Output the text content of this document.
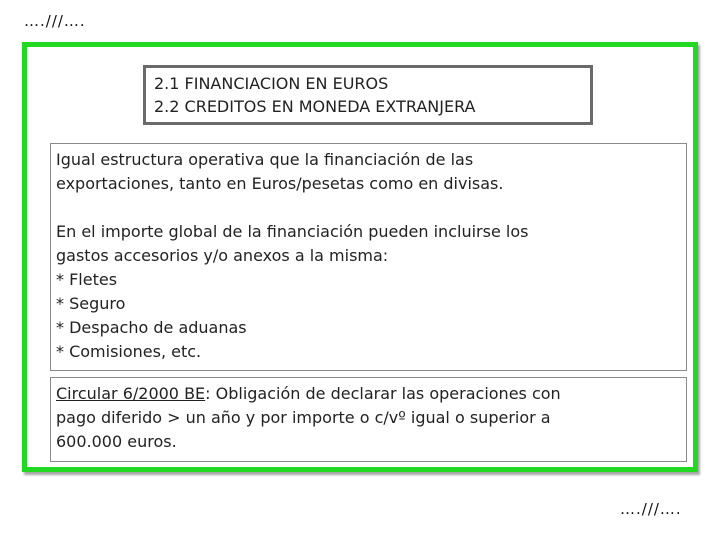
….///….
2.1 FINANCIACION EN EUROS
2.2 CREDITOS EN MONEDA EXTRANJERA
Igual estructura operativa que la financiación de las
exportaciones, tanto en Euros/pesetas como en divisas.
En el importe global de la financiación pueden incluirse los
gastos accesorios y/o anexos a la misma:
* Fletes
* Seguro
* Despacho de aduanas
* Comisiones, etc.
Circular 6/2000 BE: Obligación de declarar las operaciones con
pago diferido > un año y por importe o c/vº igual o superior a
600.000 euros.
….///….
